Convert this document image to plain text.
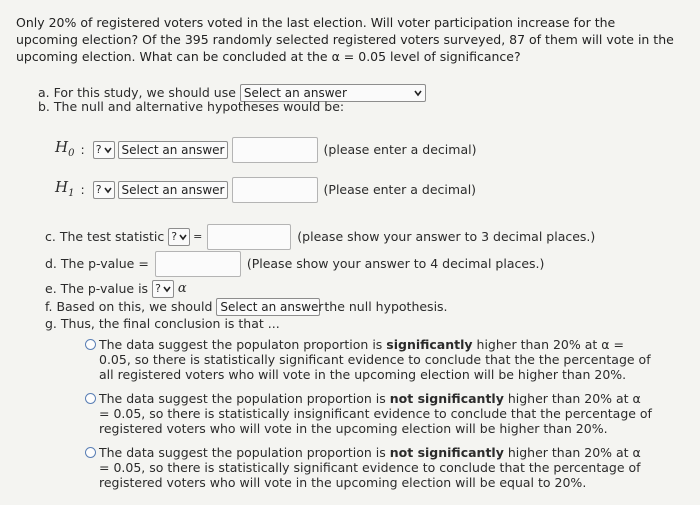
Only 20% of registered voters voted in the last election. Will voter participation increase for the upcoming election? Of the 395 randomly selected registered voters surveyed, 87 of them will vote in the upcoming election. What can be concluded at the α = 0.05 level of significance?
a. For this study, we should use Select an answer
b. The null and alternative hypotheses would be:
$H_0$ : ? Select an answer	(please enter a decimal)
$H_1$ : ? Select an answer	(Please enter a decimal)
c. The test statistic ? =	(please show your answer to 3 decimal places.)
d. The p-value =	(Please show your answer to 4 decimal places.)
e. The p-value is ? α
f. Based on this, we should Select an answer the null hypothesis.
g. Thus, the final conclusion is that ...
The data suggest the populaton proportion is significantly higher than 20% at α = 0.05, so there is statistically significant evidence to conclude that the the percentage of all registered voters who will vote in the upcoming election will be higher than 20%.
The data suggest the population proportion is not significantly higher than 20% at α = 0.05, so there is statistically insignificant evidence to conclude that the percentage of registered voters who will vote in the upcoming election will be higher than 20%.
The data suggest the population proportion is not significantly higher than 20% at α = 0.05, so there is statistically significant evidence to conclude that the percentage of registered voters who will vote in the upcoming election will be equal to 20%.
